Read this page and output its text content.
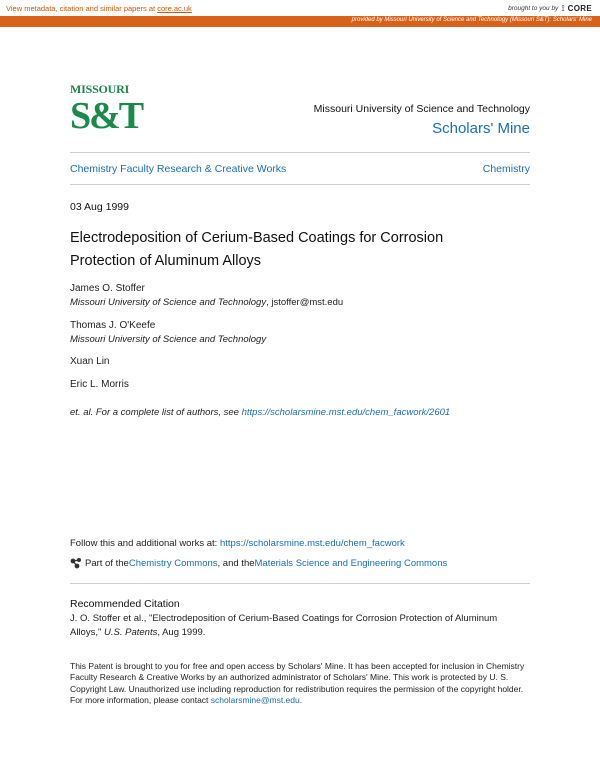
View metadata, citation and similar papers at core.ac.uk	brought to you by ⟟ CORE
provided by Missouri University of Science and Technology (Missouri S&T): Scholars' Mine
MISSOURI
S&T	Missouri University of Science and Technology
Scholars' Mine
Chemistry Faculty Research & Creative Works	Chemistry
03 Aug 1999
Electrodeposition of Cerium-Based Coatings for Corrosion Protection of Aluminum Alloys
James O. Stoffer
Missouri University of Science and Technology, jstoffer@mst.edu
Thomas J. O'Keefe
Missouri University of Science and Technology
Xuan Lin
Eric L. Morris
et. al. For a complete list of authors, see https://scholarsmine.mst.edu/chem_facwork/2601
Follow this and additional works at: https://scholarsmine.mst.edu/chem_facwork
Part of the Chemistry Commons , and the Materials Science and Engineering Commons
Recommended Citation
J. O. Stoffer et al., "Electrodeposition of Cerium-Based Coatings for Corrosion Protection of Aluminum Alloys," U.S. Patents, Aug 1999.
This Patent is brought to you for free and open access by Scholars' Mine. It has been accepted for inclusion in Chemistry Faculty Research & Creative Works by an authorized administrator of Scholars' Mine. This work is protected by U. S. Copyright Law. Unauthorized use including reproduction for redistribution requires the permission of the copyright holder. For more information, please contact scholarsmine@mst.edu.
